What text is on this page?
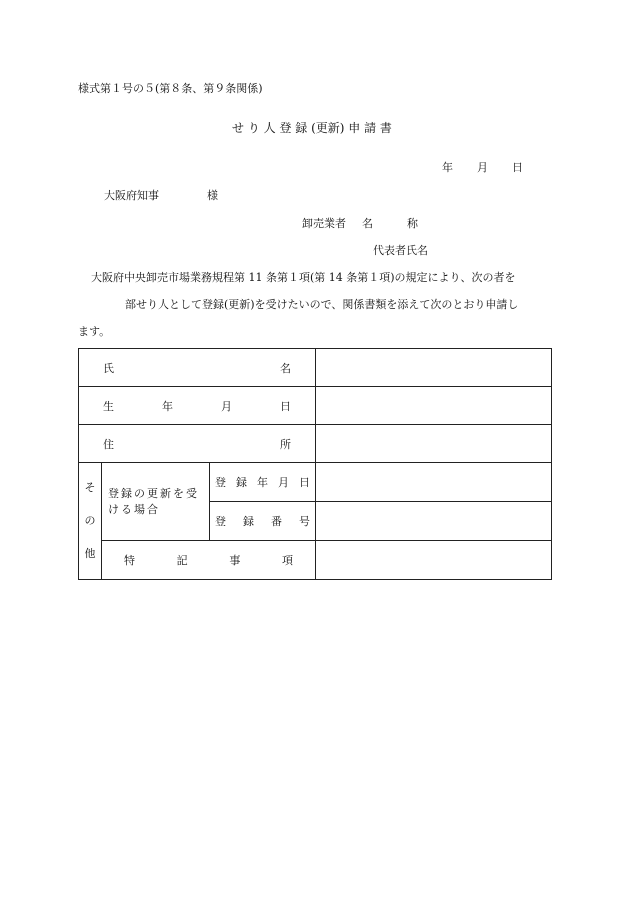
様式第１号の５(第８条、第９条関係)
せ り 人 登 録 (更新) 申 請 書
年 月 日
大阪府知事	様
卸売業者 名	称
代表者氏名
大阪府中央卸売市場業務規程第 11 条第１項(第 14 条第１項)の規定により、次の者を
部せり人として登録(更新)を受けたいので、関係書類を添えて次のとおり申請し
ます。
氏 名			

生 年 月 日			

住 所			

そ
の
他	登録の更新を受ける場合	登 録 年 月 日	

		登 録 番 号	

	特 記 事 項		
